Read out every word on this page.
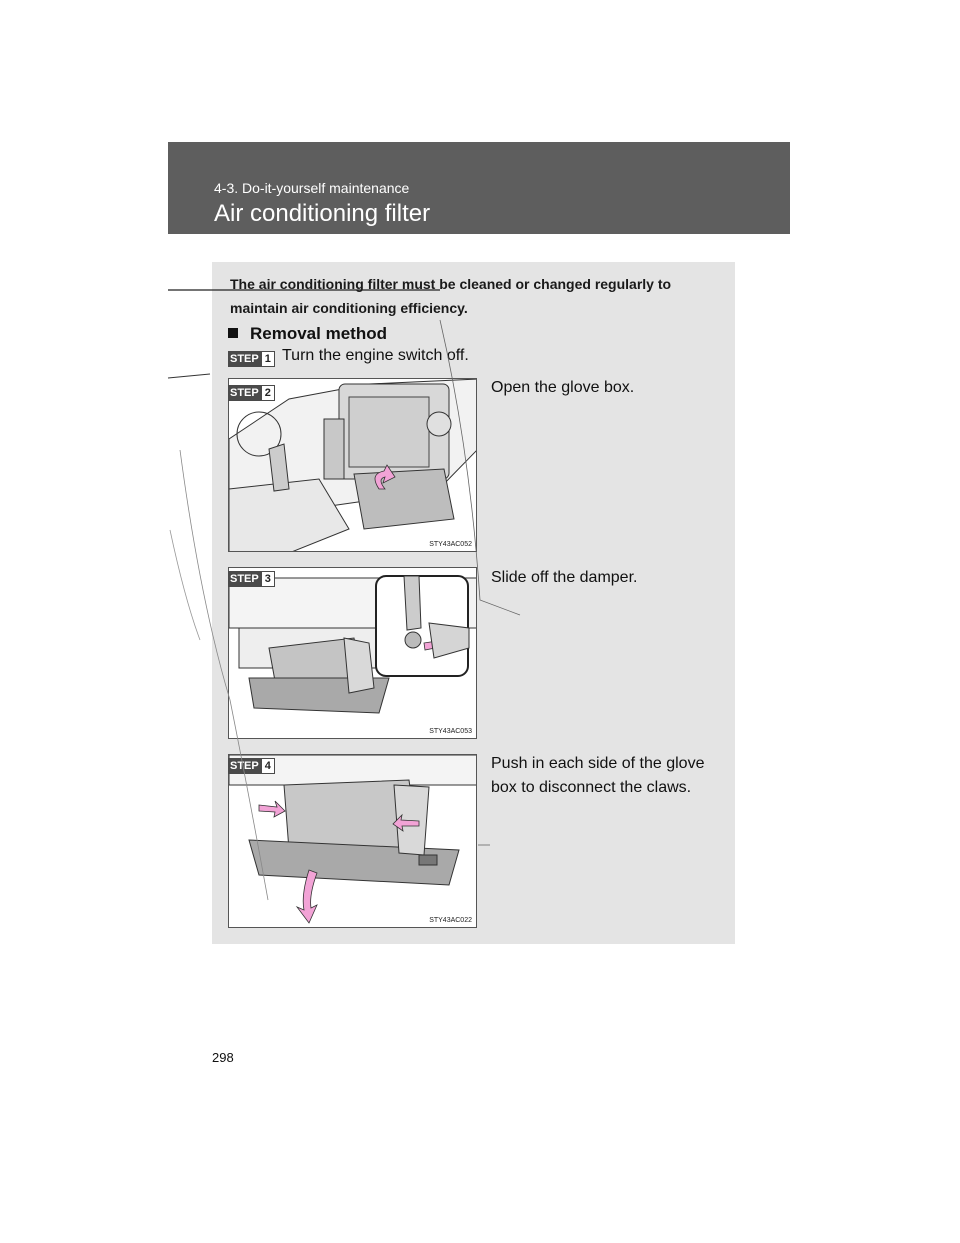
4-3. Do-it-yourself maintenance
Air conditioning filter
The air conditioning filter must be cleaned or changed regularly to maintain air conditioning efficiency.
Removal method
STEP 1 Turn the engine switch off.
STY43AC052
STEP 2	Open the glove box.
STY43AC053
STEP 3	Slide off the damper.
STY43AC022
STEP 4	Push in each side of the glove box to disconnect the claws.
298
